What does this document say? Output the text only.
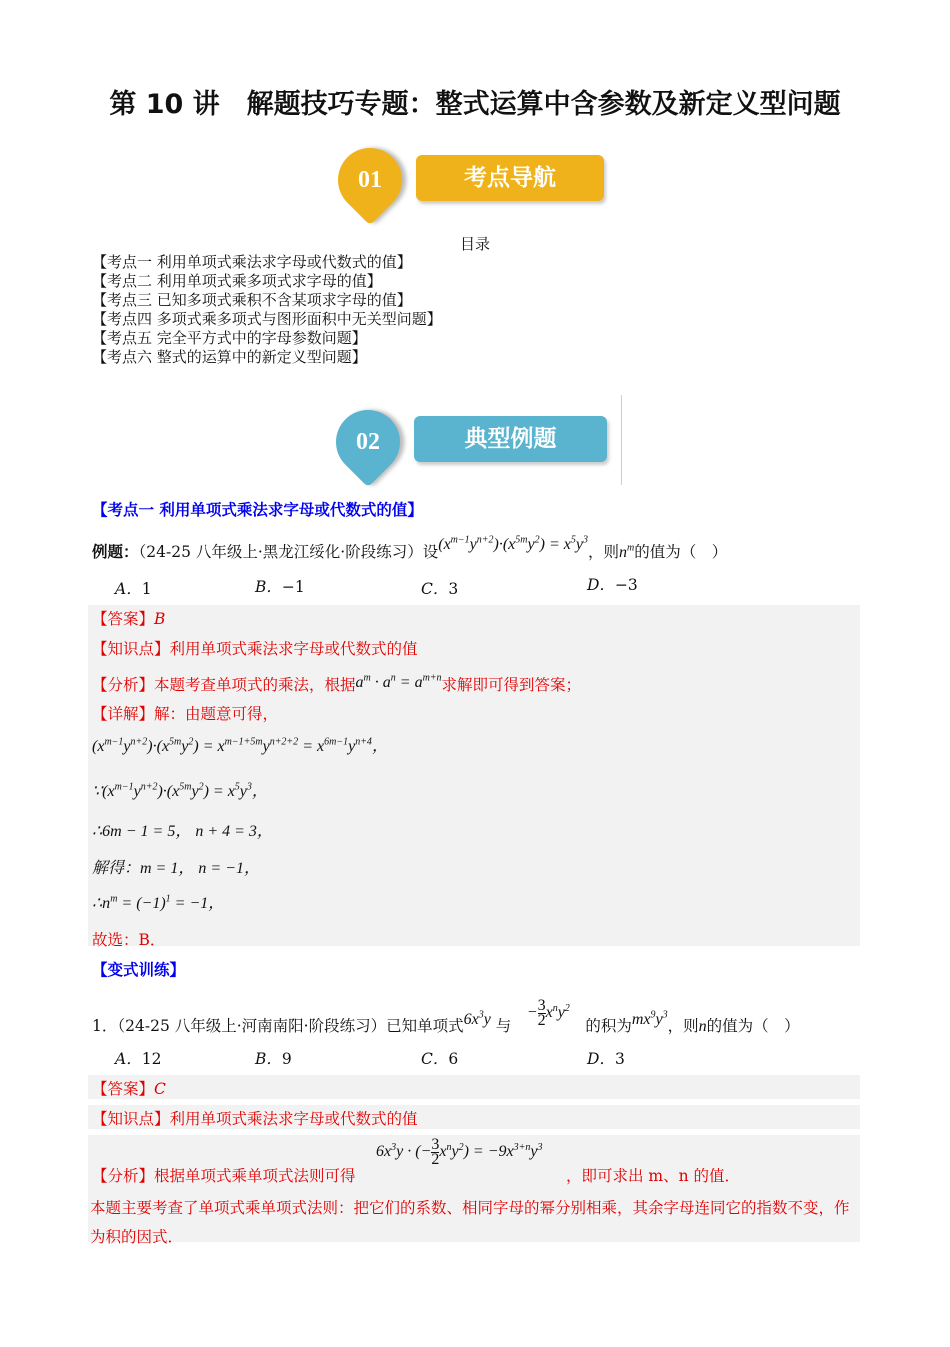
第 10 讲　解题技巧专题：整式运算中含参数及新定义型问题
01	考点导航
目录
【考点一 利用单项式乘法求字母或代数式的值】
【考点二 利用单项式乘多项式求字母的值】
【考点三 已知多项式乘积不含某项求字母的值】
【考点四 多项式乘多项式与图形面积中无关型问题】
【考点五 完全平方式中的字母参数问题】
【考点六 整式的运算中的新定义型问题】
02	典型例题
【考点一 利用单项式乘法求字母或代数式的值】
例题：（24-25 八年级上·黑龙江绥化·阶段练习）设$(x^{m-1}y^{n+2})\cdot(x^{5m}y^2) = x^5y^3$，则$n^m$的值为（　）
A．1	B．−1	C．3	D．−3
【答案】B
【知识点】利用单项式乘法求字母或代数式的值
【分析】本题考查单项式的乘法，根据$a^m \cdot a^n = a^{m+n}$求解即可得到答案；
【详解】解：由题意可得，
$(x^{m-1}y^{n+2})\cdot(x^{5m}y^2) = x^{m-1+5m}y^{n+2+2} = x^{6m-1}y^{n+4}$，
$\because(x^{m-1}y^{n+2})\cdot(x^{5m}y^2) = x^5y^3$，
∴6m − 1 = 5， n + 4 = 3，
解得：m = 1， n = −1，
$\therefore n^m = (-1)^1 = -1$，
故选：B．
【变式训练】
1．（24-25 八年级上·河南南阳·阶段练习）已知单项式$6x^3y$ 与　− $\frac{3}{2} x^ny^2$　的积为$mx^9y^3$，则n的值为（　）
A．12	B．9	C．6	D．3
【答案】C
【知识点】利用单项式乘法求字母或代数式的值
【分析】根据单项式乘单项式法则可得
$6x^3y$ · (− $\frac{3}{2} x^ny^2) = -9x^{3+n}y^3$
，即可求出 m、n 的值．
本题主要考查了单项式乘单项式法则：把它们的系数、相同字母的幂分别相乘，其余字母连同它的指数不变，作为积的因式．
